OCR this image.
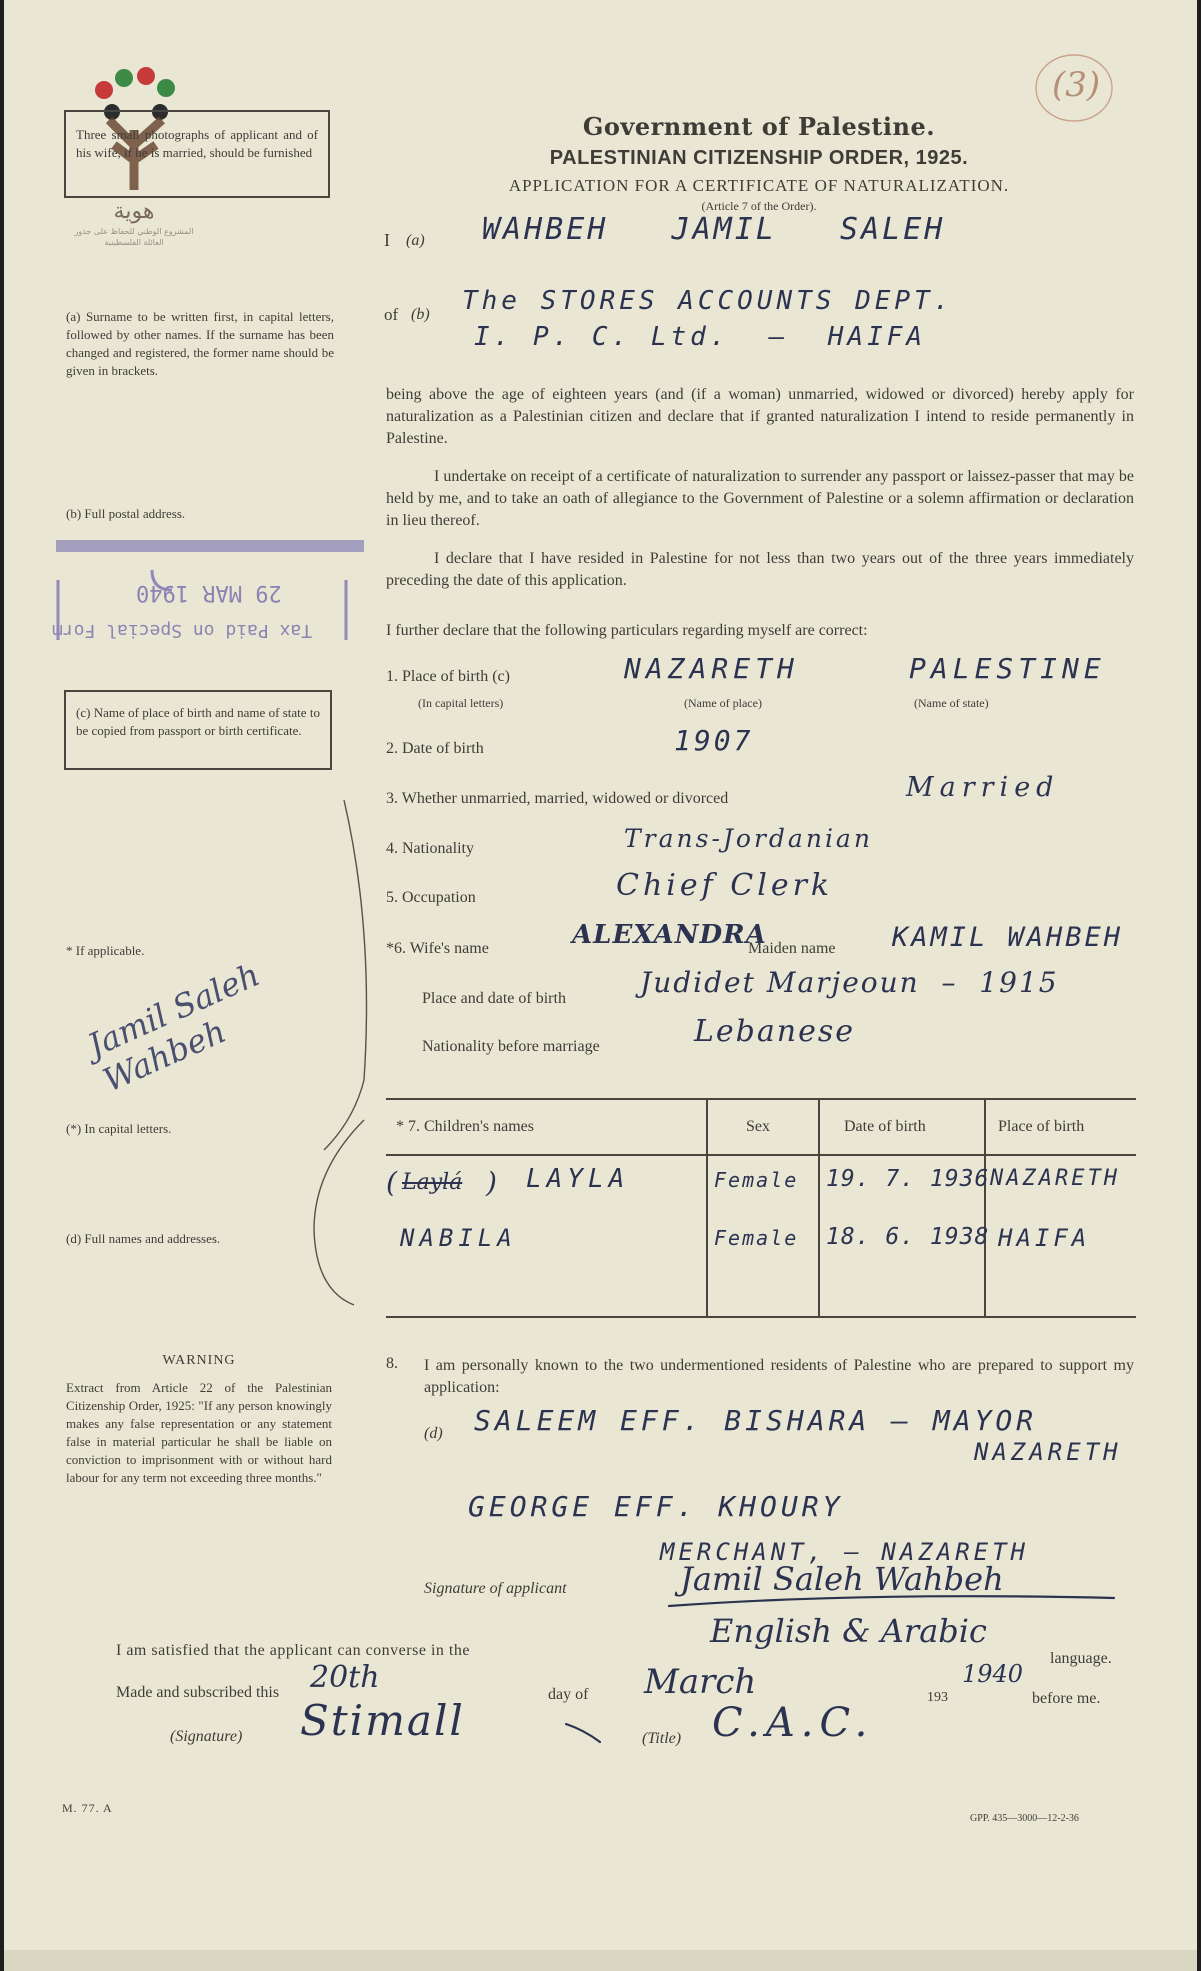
(3)
هوية
المشروع الوطني للحفاظ على جذور العائلة الفلسطينية
Three small photographs of applicant and of his wife, if he is married, should be furnished
Government of Palestine.
PALESTINIAN CITIZENSHIP ORDER, 1925.
APPLICATION FOR A CERTIFICATE OF NATURALIZATION.
(Article 7 of the Order).
I (a) WAHBEH   JAMIL   SALEH
(a) Surname to be written first, in capital letters, followed by other names. If the surname has been changed and registered, the former name should be given in brackets.
of (b) The STORES ACCOUNTS DEPT.
I. P. C. Ltd.  –  HAIFA
being above the age of eighteen years (and (if a woman) unmarried, widowed or divorced) hereby apply for naturalization as a Palestinian citizen and declare that if granted naturalization I intend to reside permanently in Palestine.
I undertake on receipt of a certificate of naturalization to surrender any passport or laissez-passer that may be held by me, and to take an oath of allegiance to the Government of Palestine or a solemn affirmation or declaration in lieu thereof.
I declare that I have resided in Palestine for not less than two years out of the three years immediately preceding the date of this application.
I further declare that the following particulars regarding myself are correct:
(b) Full postal address.
29 MAR 1940
Tax Paid on Special Form
(c) Name of place of birth and name of state to be copied from passport or birth certificate.
1. Place of birth (c)	NAZARETH	PALESTINE
(In capital letters)	(Name of place)	(Name of state)
2. Date of birth	1907
3. Whether unmarried, married, widowed or divorced	Married
4. Nationality	Trans-Jordanian
5. Occupation	Chief Clerk
* If applicable.	*6. Wife's name	ALEXANDRA
Maiden name KAMIL WAHBEH
Place and date of birth	Judidet Marjeoun  –  1915
Nationality before marriage	Lebanese
Jamil Saleh Wahbeh
(*) In capital letters.	* 7. Children's names	Sex	Date of birth	Place of birth
( Laylá ) LAYLA	Female 19. 7. 1936 NAZARETH
NABILA	Female 18. 6. 1938 HAIFA
(d) Full names and addresses.
WARNING
Extract from Article 22 of the Palestinian Citizenship Order, 1925: "If any person knowingly makes any false representation or any statement false in material particular he shall be liable on conviction to imprisonment with or without hard labour for any term not exceeding three months."
8. I am personally known to the two undermentioned residents of Palestine who are prepared to support my application:
(d) SALEEM EFF. BISHARA – MAYOR
NAZARETH
GEORGE EFF. KHOURY
MERCHANT, – NAZARETH
Signature of applicant	Jamil Saleh Wahbeh
I am satisfied that the applicant can converse in the
English & Arabic
language.
Made and subscribed this 20th	day of March	193
1940
before me.
(Signature) Stimall	(Title) C.A.C.
M. 77. A
GPP. 435—3000—12-2-36
